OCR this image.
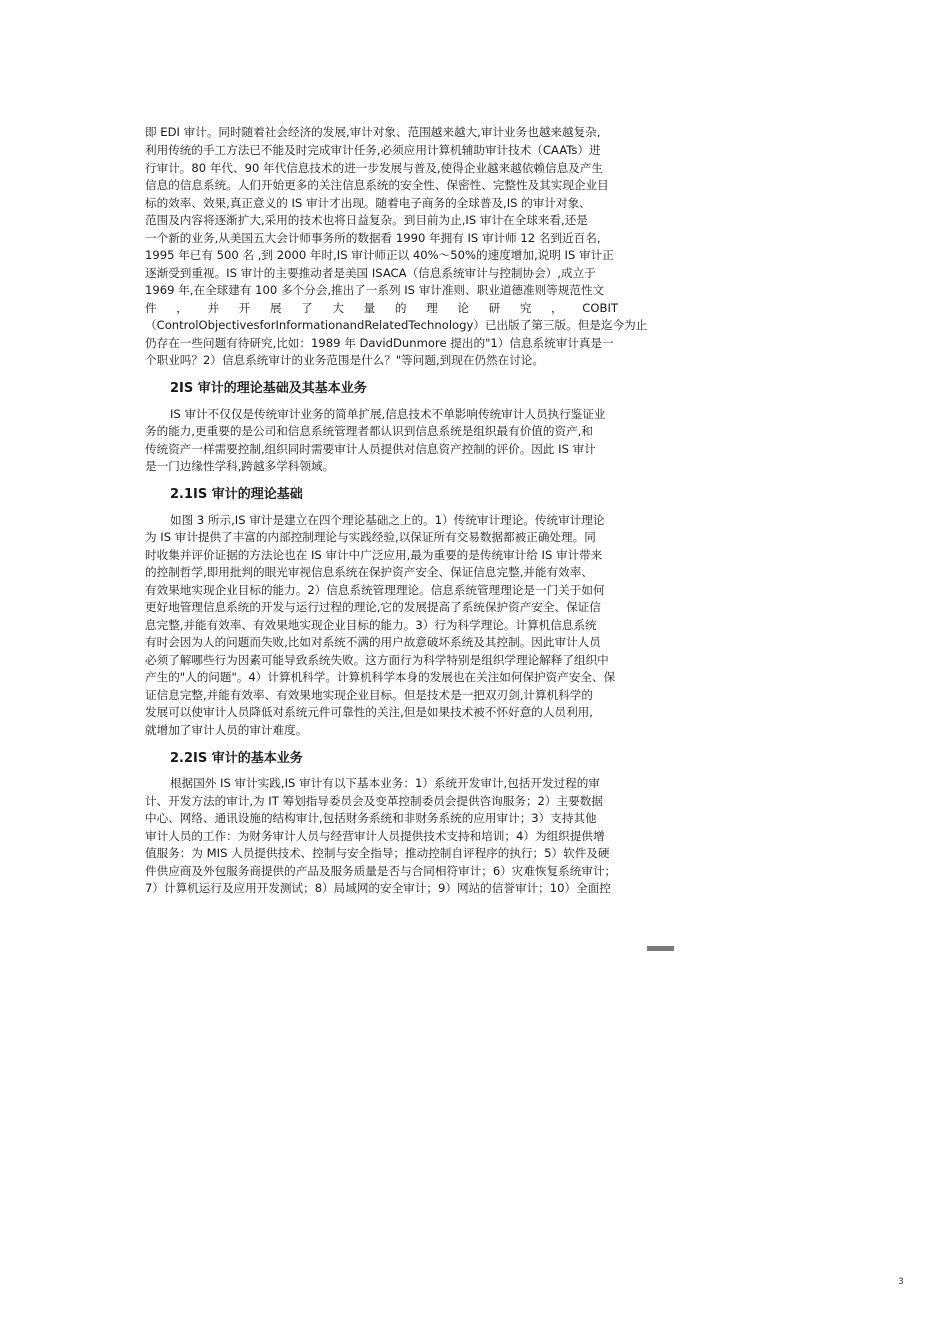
即 EDI 审计。同时随着社会经济的发展,审计对象、范围越来越大,审计业务也越来越复杂,
利用传统的手工方法已不能及时完成审计任务,必须应用计算机辅助审计技术（CAATs）进
行审计。80 年代、90 年代信息技术的进一步发展与普及,使得企业越来越依赖信息及产生
信息的信息系统。人们开始更多的关注信息系统的安全性、保密性、完整性及其实现企业目
标的效率、效果,真正意义的 IS 审计才出现。随着电子商务的全球普及,IS 的审计对象、
范围及内容将逐渐扩大,采用的技术也将日益复杂。到目前为止,IS 审计在全球来看,还是
一个新的业务,从美国五大会计师事务所的数据看 1990 年拥有 IS 审计师 12 名到近百名,
1995 年已有 500 名 ,到 2000 年时,IS 审计师正以 40%～50%的速度增加,说明 IS 审计正
逐渐受到重视。IS 审计的主要推动者是美国 ISACA（信息系统审计与控制协会）,成立于
1969 年,在全球建有 100 多个分会,推出了一系列 IS 审计准则、职业道德准则等规范性文
件 ， 并 开 展 了 大 量 的 理 论 研 究 ， COBIT
（ControlObjectivesforInformationandRelatedTechnology）已出版了第三版。但是迄今为止
仍存在一些问题有待研究,比如：1989 年 DavidDunmore 提出的"1）信息系统审计真是一
个职业吗？2）信息系统审计的业务范围是什么？"等问题,到现在仍然在讨论。
2IS 审计的理论基础及其基本业务
IS 审计不仅仅是传统审计业务的简单扩展,信息技术不单影响传统审计人员执行鉴证业
务的能力,更重要的是公司和信息系统管理者都认识到信息系统是组织最有价值的资产,和
传统资产一样需要控制,组织同时需要审计人员提供对信息资产控制的评价。因此 IS 审计
是一门边缘性学科,跨越多学科领域。
2.1IS 审计的理论基础
如图 3 所示,IS 审计是建立在四个理论基础之上的。1）传统审计理论。传统审计理论
为 IS 审计提供了丰富的内部控制理论与实践经验,以保证所有交易数据都被正确处理。同
时收集并评价证据的方法论也在 IS 审计中广泛应用,最为重要的是传统审计给 IS 审计带来
的控制哲学,即用批判的眼光审视信息系统在保护资产安全、保证信息完整,并能有效率、
有效果地实现企业目标的能力。2）信息系统管理理论。信息系统管理理论是一门关于如何
更好地管理信息系统的开发与运行过程的理论,它的发展提高了系统保护资产安全、保证信
息完整,并能有效率、有效果地实现企业目标的能力。3）行为科学理论。计算机信息系统
有时会因为人的问题而失败,比如对系统不满的用户故意破坏系统及其控制。因此审计人员
必须了解哪些行为因素可能导致系统失败。这方面行为科学特别是组织学理论解释了组织中
产生的"人的问题"。4）计算机科学。计算机科学本身的发展也在关注如何保护资产安全、保
证信息完整,并能有效率、有效果地实现企业目标。但是技术是一把双刃剑,计算机科学的
发展可以使审计人员降低对系统元件可靠性的关注,但是如果技术被不怀好意的人员利用,
就增加了审计人员的审计难度。
2.2IS 审计的基本业务
根据国外 IS 审计实践,IS 审计有以下基本业务：1）系统开发审计,包括开发过程的审
计、开发方法的审计,为 IT 筹划指导委员会及变革控制委员会提供咨询服务；2）主要数据
中心、网络、通讯设施的结构审计,包括财务系统和非财务系统的应用审计；3）支持其他
审计人员的工作：为财务审计人员与经营审计人员提供技术支持和培训；4）为组织提供增
值服务：为 MIS 人员提供技术、控制与安全指导；推动控制自评程序的执行；5）软件及硬
件供应商及外包服务商提供的产品及服务质量是否与合同相符审计；6）灾难恢复系统审计；
7）计算机运行及应用开发测试；8）局域网的安全审计；9）网站的信誉审计；10）全面控
3
